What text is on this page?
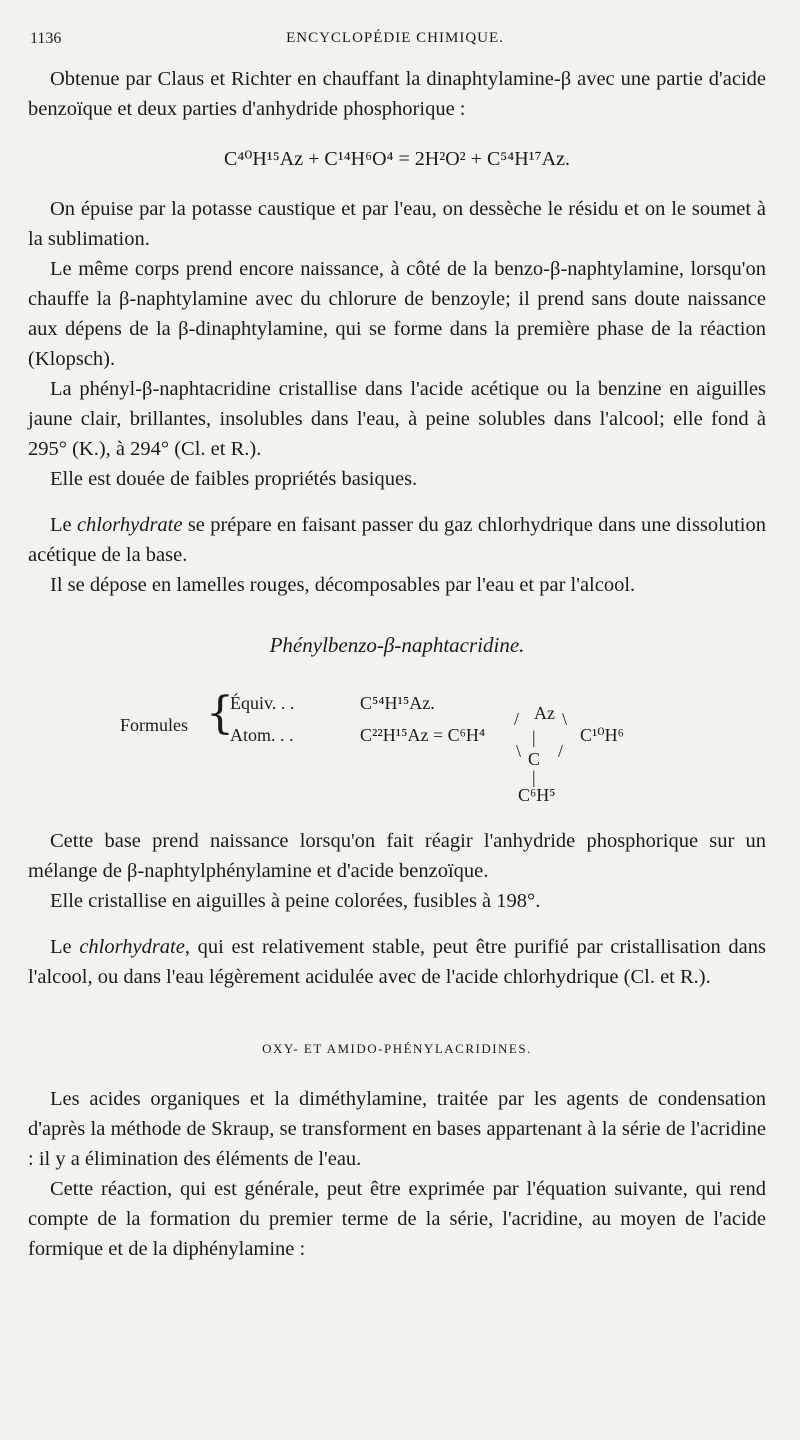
1136	ENCYCLOPÉDIE CHIMIQUE.

Obtenue par Claus et Richter en chauffant la dinaphtylamine-β avec une partie d'acide benzoïque et deux parties d'anhydride phosphorique :

C⁴⁰H¹⁵Az + C¹⁴H⁶O⁴ = 2H²O² + C⁵⁴H¹⁷Az.

On épuise par la potasse caustique et par l'eau, on dessèche le résidu et on le soumet à la sublimation.

Le même corps prend encore naissance, à côté de la benzo-β-naphtylamine, lorsqu'on chauffe la β-naphtylamine avec du chlorure de benzoyle; il prend sans doute naissance aux dépens de la β-dinaphtylamine, qui se forme dans la première phase de la réaction (Klopsch).

La phényl-β-naphtacridine cristallise dans l'acide acétique ou la benzine en aiguilles jaune clair, brillantes, insolubles dans l'eau, à peine solubles dans l'alcool; elle fond à 295° (K.), à 294° (Cl. et R.).

Elle est douée de faibles propriétés basiques.

Le chlorhydrate se prépare en faisant passer du gaz chlorhydrique dans une dissolution acétique de la base.

Il se dépose en lamelles rouges, décomposables par l'eau et par l'alcool.

Phénylbenzo-β-naphtacridine.
Formules {
Équiv. . .	C⁵⁴H¹⁵Az.
Atom. . .	C²²H¹⁵Az = C⁶H⁴
Az
/ \
| C¹⁰H⁶
\ /
C
|
C⁶H⁵

Cette base prend naissance lorsqu'on fait réagir l'anhydride phosphorique sur un mélange de β-naphtylphénylamine et d'acide benzoïque.

Elle cristallise en aiguilles à peine colorées, fusibles à 198°.

Le chlorhydrate, qui est relativement stable, peut être purifié par cristallisation dans l'alcool, ou dans l'eau légèrement acidulée avec de l'acide chlorhydrique (Cl. et R.).

OXY- ET AMIDO-PHÉNYLACRIDINES.

Les acides organiques et la diméthylamine, traitée par les agents de condensation d'après la méthode de Skraup, se transforment en bases appartenant à la série de l'acridine : il y a élimination des éléments de l'eau.

Cette réaction, qui est générale, peut être exprimée par l'équation suivante, qui rend compte de la formation du premier terme de la série, l'acridine, au moyen de l'acide formique et de la diphénylamine :
